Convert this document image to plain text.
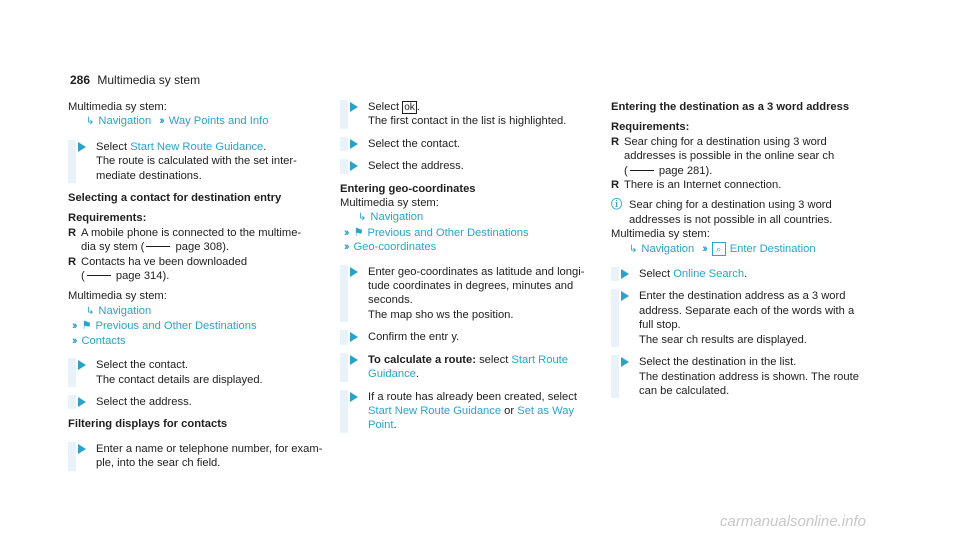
286 Multimedia sy stem
Multimedia sy stem:
↳ Navigation ›› Way Points and Info
Select Start New Route Guidance.
The route is calculated with the set inter-
mediate destinations.
Selecting a contact for destination entry
Requirements:
R A mobile phone is connected to the multime-
dia sy stem (	page 308).
R Contacts ha ve been downloaded
(	page 314).
Multimedia sy stem:
↳ Navigation
›› ⚑ Previous and Other Destinations
›› Contacts
Select the contact.
The contact details are displayed.
Select the address.
Filtering displays for contacts
Enter a name or telephone number, for exam-
ple, into the sear ch field.
Select ok .
The first contact in the list is highlighted.
Select the contact.
Select the address.
Entering geo-coordinates
Multimedia sy stem:
↳ Navigation
›› ⚑ Previous and Other Destinations
›› Geo-coordinates
Enter geo-coordinates as latitude and longi-
tude coordinates in degrees, minutes and
seconds.
The map sho ws the position.
Confirm the entr y.
To calculate a route: select Start Route
Guidance.
If a route has already been created, select
Start New Route Guidance or Set as Way
Point.
Entering the destination as a 3 word address
Requirements:
R Sear ching for a destination using 3 word
addresses is possible in the online sear ch
(	page 281).
R There is an Internet connection.
ⓘ Sear ching for a destination using 3 word
addresses is not possible in all countries.
Multimedia sy stem:
↳ Navigation ›› ⌕ Enter Destination
Select Online Search.
Enter the destination address as a 3 word
address. Separate each of the words with a
full stop.
The sear ch results are displayed.
Select the destination in the list.
The destination address is shown. The route
can be calculated.
carmanualsonline.info
